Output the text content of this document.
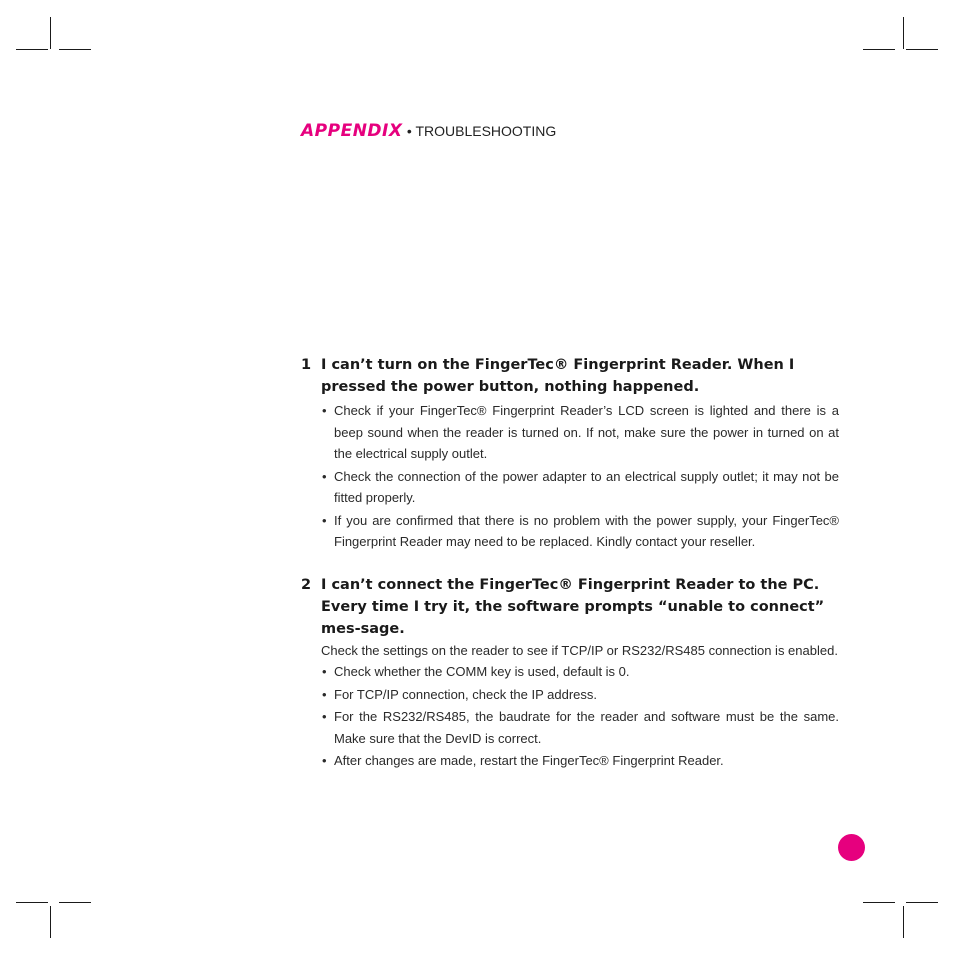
APPENDIX • TROUBLESHOOTING
1 I can’t turn on the FingerTec® Fingerprint Reader. When I pressed the power button, nothing happened.
• Check if your FingerTec® Fingerprint Reader’s LCD screen is lighted and there is a beep sound when the reader is turned on. If not, make sure the power in turned on at the electrical supply outlet.
• Check the connection of the power adapter to an electrical supply outlet; it may not be fitted properly.
• If you are confirmed that there is no problem with the power supply, your FingerTec® Fingerprint Reader may need to be replaced. Kindly contact your reseller.
2 I can’t connect the FingerTec® Fingerprint Reader to the PC. Every time I try it, the software prompts “unable to connect” mes-sage.
Check the settings on the reader to see if TCP/IP or RS232/RS485 connection is enabled.
• Check whether the COMM key is used, default is 0.
• For TCP/IP connection, check the IP address.
• For the RS232/RS485, the baudrate for the reader and software must be the same. Make sure that the DevID is correct.
• After changes are made, restart the FingerTec® Fingerprint Reader.
